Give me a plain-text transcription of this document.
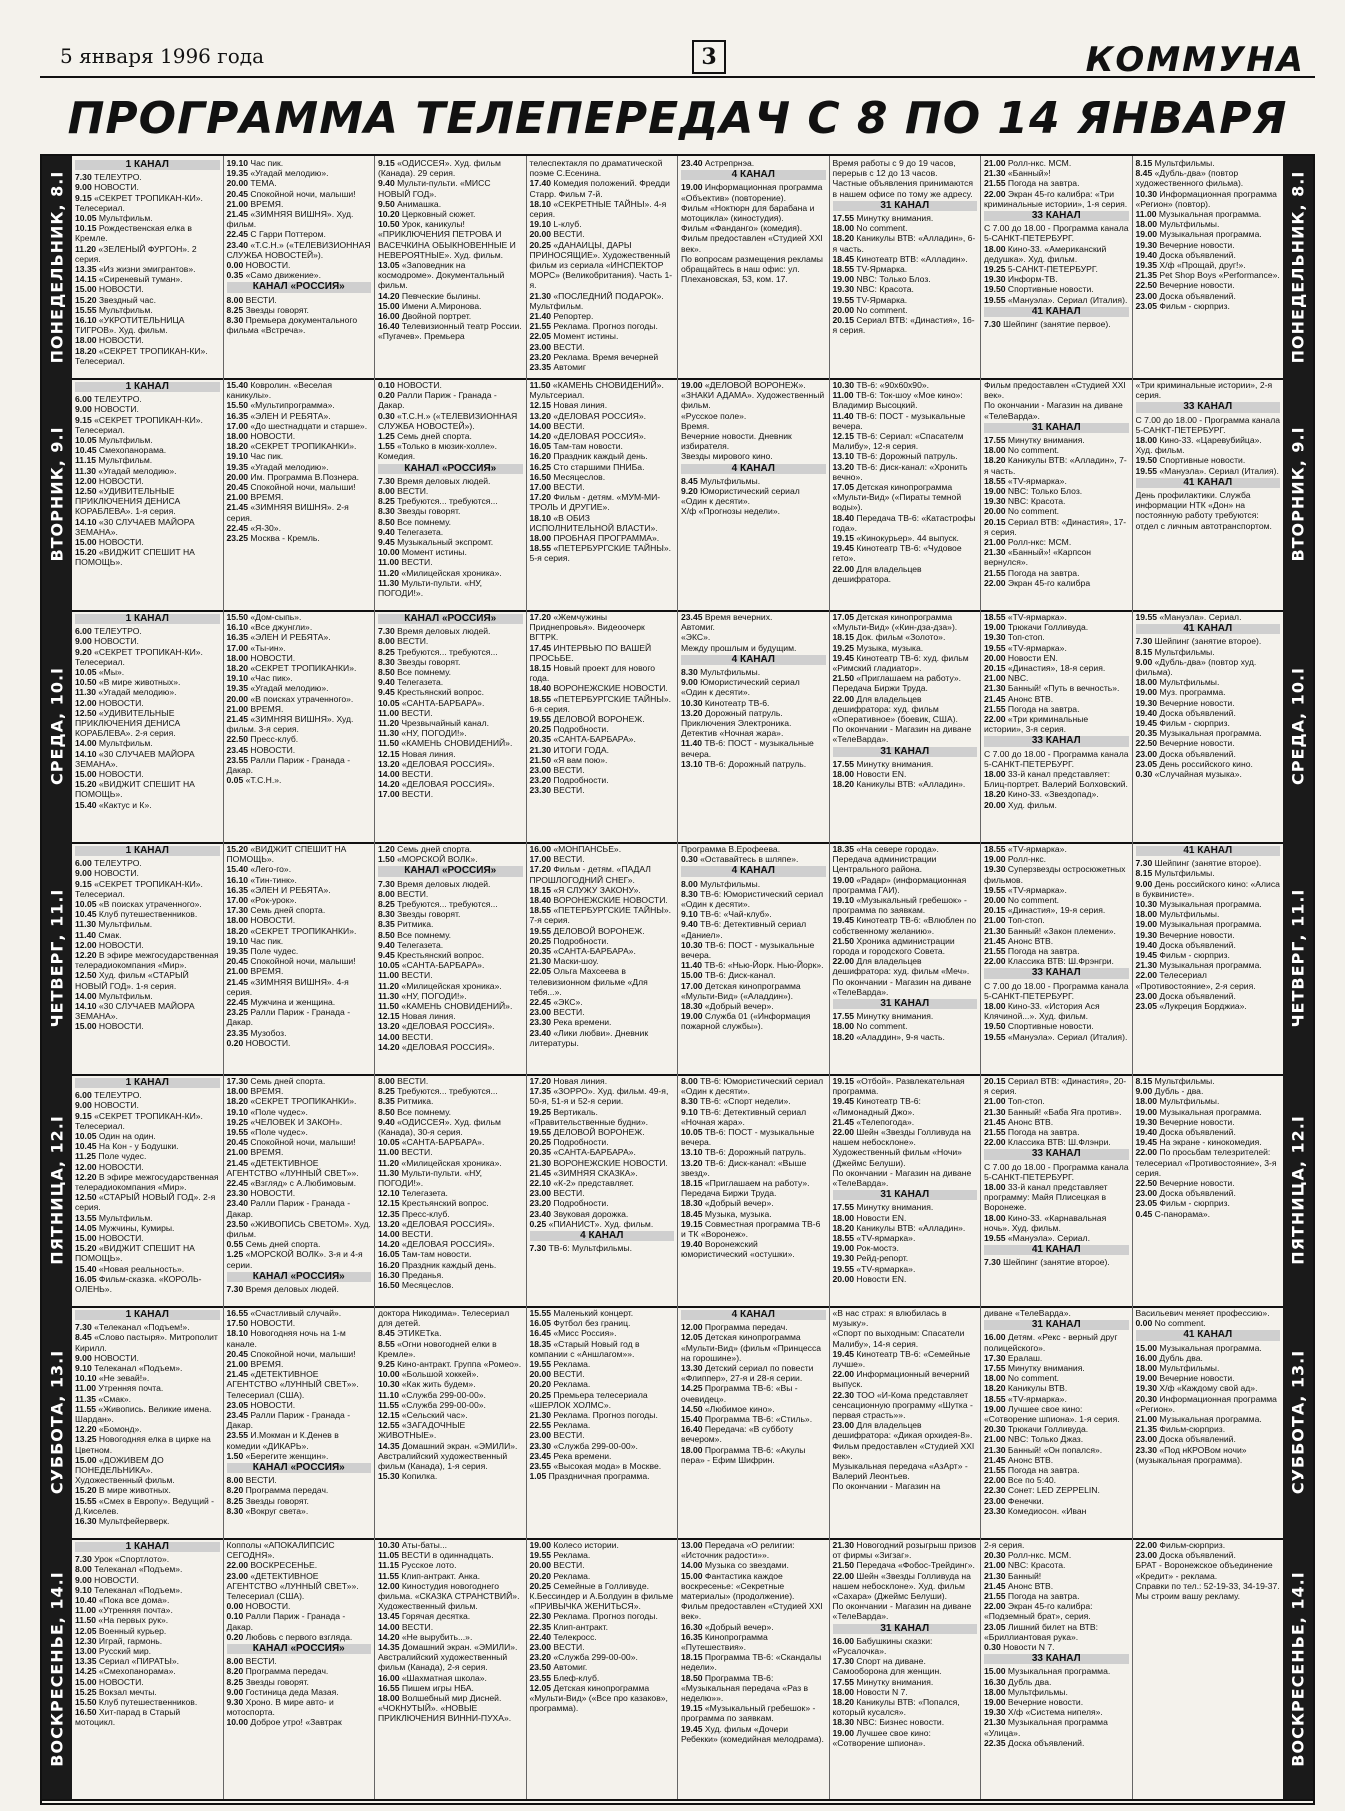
5 января 1996 года	3	КОММУНА
ПРОГРАММА ТЕЛЕПЕРЕДАЧ С 8 ПО 14 ЯНВАРЯ
ПОНЕДЕЛЬНИК, 8.I	ПОНЕДЕЛЬНИК, 8.I
1 КАНАЛ
7.30 ТЕЛЕУТРО.
9.00 НОВОСТИ.
9.15 «СЕКРЕТ ТРОПИКАН-КИ». Телесериал.
10.05 Мультфильм.
10.15 Рождественская елка в Кремле.
11.20 «ЗЕЛЕНЫЙ ФУРГОН». 2 серия.
13.35 «Из жизни эмигрантов».
14.15 «Сиреневый туман».
15.00 НОВОСТИ.
15.20 Звездный час.
15.55 Мультфильм.
16.10 «УКРОТИТЕЛЬНИЦА ТИГРОВ». Худ. фильм.
18.00 НОВОСТИ.
18.20 «СЕКРЕТ ТРОПИКАН-КИ». Телесериал.
19.10 Час пик.
19.35 «Угадай мелодию».
20.00 ТЕМА.
20.45 Спокойной ночи, малыши!
21.00 ВРЕМЯ.
21.45 «ЗИМНЯЯ ВИШНЯ». Худ. фильм.
22.45 С Гарри Поттером.
23.40 «Т.С.Н.» («ТЕЛЕВИЗИОННАЯ СЛУЖБА НОВОСТЕЙ»).
0.00 НОВОСТИ.
0.35 «Само движение».
КАНАЛ «РОССИЯ»
8.00 ВЕСТИ.
8.25 Звезды говорят.
8.30 Премьера документального фильма «Встреча».
9.15 «ОДИССЕЯ». Худ. фильм (Канада). 29 серия.
9.40 Мульти-пульти. «МИСС НОВЫЙ ГОД».
9.50 Анимашка.
10.20 Церковный сюжет.
10.50 Урок, каникулы! «ПРИКЛЮЧЕНИЯ ПЕТРОВА И ВАСЕЧКИНА ОБЫКНОВЕННЫЕ И НЕВЕРОЯТНЫЕ». Худ. фильм.
13.05 «Заповедник на космодроме». Документальный фильм.
14.20 Певческие былины.
15.00 Имени А.Миронова.
16.00 Двойной портрет.
16.40 Телевизионный театр России. «Пугачев». Премьера
телеспектакля по драматической поэме С.Есенина.
17.40 Комедия положений. Фредди Старр. Фильм 7-й.
18.10 «СЕКРЕТНЫЕ ТАЙНЫ». 4-я серия.
19.10 L-клуб.
20.00 ВЕСТИ.
20.25 «ДАНАИЦЫ, ДАРЫ ПРИНОСЯЩИЕ». Художественный фильм из сериала «ИНСПЕКТОР МОРС» (Великобритания). Часть 1-я.
21.30 «ПОСЛЕДНИЙ ПОДАРОК». Мультфильм.
21.40 Репортер.
21.55 Реклама. Прогноз погоды.
22.05 Момент истины.
23.00 ВЕСТИ.
23.20 Реклама. Время вечерней
23.35 Автомиг
23.40 Астрепрнэа.
4 КАНАЛ
19.00 Информационная программа «Объектив» (повторение).
Фильм «Ноктюрн для барабана и мотоцикла» (киностудия).
Фильм «Фанданго» (комедия).
Фильм предоставлен «Студией XXI век».
По вопросам размещения рекламы обращайтесь в наш офис: ул. Плехановская, 53, ком. 17.
Время работы с 9 до 19 часов, перерыв с 12 до 13 часов.
Частные объявления принимаются в нашем офисе по тому же адресу.
31 КАНАЛ
17.55 Минутку внимания.
18.00 No comment.
18.20 Каникулы ВТВ: «Алладин», 6-я часть.
18.45 Кинотеатр ВТВ: «Алладин».
18.55 TV-Ярмарка.
19.00 NBC: Только Блоз.
19.30 NBC: Красота.
19.55 TV-Ярмарка.
20.00 No comment.
20.15 Сериал ВТВ: «Династия», 16-я серия.
21.00 Ролл-нкс. МСМ.
21.30 «Банный»!
21.55 Погода на завтра.
22.00 Экран 45-го калибра: «Три криминальные истории», 1-я серия.
33 КАНАЛ
С 7.00 до 18.00 - Программа канала 5-САНКТ-ПЕТЕРБУРГ.
18.00 Кино-33. «Американский дедушка». Худ. фильм.
19.25 5-САНКТ-ПЕТЕРБУРГ.
19.30 Информ-ТВ.
19.50 Спортивные новости.
19.55 «Мануэла». Сериал (Италия).
41 КАНАЛ
7.30 Шейпинг (занятие первое).
8.15 Мультфильмы.
8.45 «Дубль-два» (повтор художественного фильма).
10.30 Информационная программа «Регион» (повтор).
11.00 Музыкальная программа.
18.00 Мультфильмы.
19.00 Музыкальная программа.
19.30 Вечерние новости.
19.40 Доска объявлений.
19.35 Х/ф «Прощай, друг!».
21.35 Pet Shop Boys «Performance».
22.50 Вечерние новости.
23.00 Доска объявлений.
23.05 Фильм - сюрприз.
ВТОРНИК, 9.I	ВТОРНИК, 9.I
1 КАНАЛ
6.00 ТЕЛЕУТРО.
9.00 НОВОСТИ.
9.15 «СЕКРЕТ ТРОПИКАН-КИ». Телесериал.
10.05 Мультфильм.
10.45 Смехопанорама.
11.15 Мультфильм.
11.30 «Угадай мелодию».
12.00 НОВОСТИ.
12.50 «УДИВИТЕЛЬНЫЕ ПРИКЛЮЧЕНИЯ ДЕНИСА КОРАБЛЕВА». 1-я серия.
14.10 «30 СЛУЧАЕВ МАЙОРА ЗЕМАНА».
15.00 НОВОСТИ.
15.20 «ВИДЖИТ СПЕШИТ НА ПОМОЩЬ».
15.40 Ковролин. «Веселая каникулы».
15.50 «Мультипрограмма».
16.35 «ЭЛЕН И РЕБЯТА».
17.00 «До шестнадцати и старше».
18.00 НОВОСТИ.
18.20 «СЕКРЕТ ТРОПИКАНКИ».
19.10 Час пик.
19.35 «Угадай мелодию».
20.00 Им. Программа В.Познера.
20.45 Спокойной ночи, малыши!
21.00 ВРЕМЯ.
21.45 «ЗИМНЯЯ ВИШНЯ». 2-я серия.
22.45 «Я-30».
23.25 Москва - Кремль.
0.10 НОВОСТИ.
0.20 Ралли Париж - Гранада - Дакар.
0.30 «Т.С.Н.» («ТЕЛЕВИЗИОННАЯ СЛУЖБА НОВОСТЕЙ»).
1.25 Семь дней спорта.
1.55 «Только в мюзик-холле». Комедия.
КАНАЛ «РОССИЯ»
7.30 Время деловых людей.
8.00 ВЕСТИ.
8.25 Требуются... требуются...
8.30 Звезды говорят.
8.50 Все помнему.
9.40 Телегазета.
9.45 Музыкальный экспромт.
10.00 Момент истины.
11.00 ВЕСТИ.
11.20 «Милицейская хроника».
11.30 Мульти-пульти. «НУ, ПОГОДИ!».
11.50 «КАМЕНЬ СНОВИДЕНИЙ». Мультсериал.
12.15 Новая линия.
13.20 «ДЕЛОВАЯ РОССИЯ».
14.00 ВЕСТИ.
14.20 «ДЕЛОВАЯ РОССИЯ».
16.05 Там-там новости.
16.20 Праздник каждый день.
16.25 Сто старшими ПНИБа.
16.50 Месяцеслов.
17.00 ВЕСТИ.
17.20 Фильм - детям. «МУМ-МИ-ТРОЛЬ И ДРУГИЕ».
18.10 «В ОБИЗ ИСПОЛНИТЕЛЬНОЙ ВЛАСТИ».
18.00 ПРОБНАЯ ПРОГРАММА».
18.55 «ПЕТЕРБУРГСКИЕ ТАЙНЫ». 5-я серия.
19.00 «ДЕЛОВОЙ ВОРОНЕЖ».
«ЗНАКИ АДАМА». Художественный фильм.
«Русское поле».
Время.
Вечерние новости. Дневник избирателя.
Звезды мирового кино.
4 КАНАЛ
8.45 Мультфильмы.
9.20 Юмористический сериал «Один к десяти».
Х/ф «Прогнозы недели».
10.30 ТВ-6: «90х60х90».
11.00 ТВ-6: Ток-шоу «Мое кино»: Владимир Высоцкий.
11.40 ТВ-6: ПОСТ - музыкальные вечера.
12.15 ТВ-6: Сериал: «Спасателм Малибу», 12-я серия.
13.10 ТВ-6: Дорожный патруль.
13.20 ТВ-6: Диск-канал: «Хронить вечно».
17.05 Детская кинопрограмма «Мульти-Вид» («Пираты темной воды»).
18.40 Передача ТВ-6: «Катастрофы года».
19.15 «Кинокурьер». 44 выпуск.
19.45 Кинотеатр ТВ-6: «Чудовое гето».
22.00 Для владельцев дешифратора.
Фильм предоставлен «Студией XXI век».
По окончании - Магазин на диване «ТелеВарда».
31 КАНАЛ
17.55 Минутку внимания.
18.00 No comment.
18.20 Каникулы ВТВ: «Алладин», 7-я часть.
18.55 «TV-ярмарка».
19.00 NBC: Только Блоз.
19.30 NBC: Красота.
20.00 No comment.
20.15 Сериал ВТВ: «Династия», 17-я серия.
21.00 Ролл-нкс: МСМ.
21.30 «Банный»! «Карпсон вернулся».
21.55 Погода на завтра.
22.00 Экран 45-го калибра
«Три криминальные истории», 2-я серия.
33 КАНАЛ
С 7.00 до 18.00 - Программа канала 5-САНКТ-ПЕТЕРБУРГ.
18.00 Кино-33. «Царевубийца». Худ. фильм.
19.50 Спортивные новости.
19.55 «Мануэла». Сериал (Италия).
41 КАНАЛ
День профилактики. Служба информации НТК «Дон» на постоянную работу требуются: отдел с личным автотранспортом.
СРЕДА, 10.I	СРЕДА, 10.I
1 КАНАЛ
6.00 ТЕЛЕУТРО.
9.00 НОВОСТИ.
9.20 «СЕКРЕТ ТРОПИКАН-КИ». Телесериал.
10.05 «Мы».
10.50 «В мире животных».
11.30 «Угадай мелодию».
12.00 НОВОСТИ.
12.50 «УДИВИТЕЛЬНЫЕ ПРИКЛЮЧЕНИЯ ДЕНИСА КОРАБЛЕВА». 2-я серия.
14.00 Мультфильм.
14.10 «30 СЛУЧАЕВ МАЙОРА ЗЕМАНА».
15.00 НОВОСТИ.
15.20 «ВИДЖИТ СПЕШИТ НА ПОМОЩЬ».
15.40 «Кактус и К».
15.50 «Дом-сыпь».
16.10 «Все джунгли».
16.35 «ЭЛЕН И РЕБЯТА».
17.00 «Ты-ин».
18.00 НОВОСТИ.
18.20 «СЕКРЕТ ТРОПИКАНКИ».
19.10 «Час пик».
19.35 «Угадай мелодию».
20.00 «В поисках утраченного».
21.00 ВРЕМЯ.
21.45 «ЗИМНЯЯ ВИШНЯ». Худ. фильм. 3-я серия.
22.50 Пресс-клуб.
23.45 НОВОСТИ.
23.55 Ралли Париж - Гранада - Дакар.
0.05 «Т.С.Н.».
КАНАЛ «РОССИЯ»
7.30 Время деловых людей.
8.00 ВЕСТИ.
8.25 Требуются... требуются...
8.30 Звезды говорят.
8.50 Все помнему.
9.40 Телегазета.
9.45 Крестьянский вопрос.
10.05 «САНТА-БАРБАРА».
11.00 ВЕСТИ.
11.20 Чрезвычайный канал.
11.30 «НУ, ПОГОДИ!».
11.50 «КАМЕНЬ СНОВИДЕНИЙ».
12.15 Новая линия.
13.20 «ДЕЛОВАЯ РОССИЯ».
14.00 ВЕСТИ.
14.20 «ДЕЛОВАЯ РОССИЯ».
17.00 ВЕСТИ.
17.20 «Жемчужины Приднепровья». Видеоочерк ВГТРК.
17.45 ИНТЕРВЬЮ ПО ВАШЕЙ ПРОСЬБЕ.
18.15 Новый проект для нового года.
18.40 ВОРОНЕЖСКИЕ НОВОСТИ.
18.55 «ПЕТЕРБУРГСКИЕ ТАЙНЫ». 6-я серия.
19.55 ДЕЛОВОЙ ВОРОНЕЖ.
20.25 Подробности.
20.35 «САНТА-БАРБАРА».
21.30 ИТОГИ ГОДА.
21.50 «Я вам пою».
23.00 ВЕСТИ.
23.20 Подробности.
23.30 ВЕСТИ.
23.45 Время вечерних.
Автомиг.
«ЭКС».
Между прошлым и будущим.
4 КАНАЛ
8.30 Мультфильмы.
9.00 Юмористический сериал «Один к десяти».
10.30 Кинотеатр ТВ-6.
13.20 Дорожный патруль.
Приключения Электроника.
Детектив «Ночная жара».
11.40 ТВ-6: ПОСТ - музыкальные вечера.
13.10 ТВ-6: Дорожный патруль.
17.05 Детская кинопрограмма «Мульти-Вид» («Кин-дза-дза»).
18.15 Док. фильм «Золото».
19.25 Музыка, музыка.
19.45 Кинотеатр ТВ-6: худ. фильм «Римский гладиатор».
21.50 «Приглашаем на работу». Передача Биржи Труда.
22.00 Для владельцев дешифратора: худ. фильм «Оперативное» (боевик, США).
По окончании - Магазин на диване «ТелеВарда».
31 КАНАЛ
17.55 Минутку внимания.
18.00 Новости EN.
18.20 Каникулы ВТВ: «Алладин».
18.55 «TV-ярмарка».
19.00 Трюкачи Голливуда.
19.30 Топ-стоп.
19.55 «TV-ярмарка».
20.00 Новости EN.
20.15 «Династия», 18-я серия.
21.00 NBC.
21.30 Банный! «Путь в вечность».
21.45 Анонс ВТВ.
21.55 Погода на завтра.
22.00 «Три криминальные истории», 3-я серия.
33 КАНАЛ
С 7.00 до 18.00 - Программа канала 5-САНКТ-ПЕТЕРБУРГ.
18.00 33-й канал представляет: Блиц-портрет. Валерий Болховский.
18.20 Кино-33. «Звездопад».
20.00 Худ. фильм.
19.55 «Мануэла». Сериал.
41 КАНАЛ
7.30 Шейпинг (занятие второе).
8.15 Мультфильмы.
9.00 «Дубль-два» (повтор худ. фильма).
18.00 Мультфильмы.
19.00 Муз. программа.
19.30 Вечерние новости.
19.40 Доска объявлений.
19.45 Фильм - сюрприз.
20.35 Музыкальная программа.
22.50 Вечерние новости.
23.00 Доска объявлений.
23.05 День российского кино.
0.30 «Случайная музыка».
ЧЕТВЕРГ, 11.I	ЧЕТВЕРГ, 11.I
1 КАНАЛ
6.00 ТЕЛЕУТРО.
9.00 НОВОСТИ.
9.15 «СЕКРЕТ ТРОПИКАН-КИ». Телесериал.
10.05 «В поисках утраченного».
10.45 Клуб путешественников.
11.30 Мультфильм.
11.40 Смак.
12.00 НОВОСТИ.
12.20 В эфире межгосударственная телерадиокомпания «Мир».
12.50 Худ. фильм «СТАРЫЙ НОВЫЙ ГОД». 1-я серия.
14.00 Мультфильм.
14.10 «30 СЛУЧАЕВ МАЙОРА ЗЕМАНА».
15.00 НОВОСТИ.
15.20 «ВИДЖИТ СПЕШИТ НА ПОМОЩЬ».
15.40 «Лего-го».
16.10 «Тин-тинк».
16.35 «ЭЛЕН И РЕБЯТА».
17.00 «Рок-урок».
17.30 Семь дней спорта.
18.00 НОВОСТИ.
18.20 «СЕКРЕТ ТРОПИКАНКИ».
19.10 Час пик.
19.35 Поле чудес.
20.45 Спокойной ночи, малыши!
21.00 ВРЕМЯ.
21.45 «ЗИМНЯЯ ВИШНЯ». 4-я серия.
22.45 Мужчина и женщина.
23.25 Ралли Париж - Гранада - Дакар.
23.35 Музобоз.
0.20 НОВОСТИ.
1.20 Семь дней спорта.
1.50 «МОРСКОЙ ВОЛК».
КАНАЛ «РОССИЯ»
7.30 Время деловых людей.
8.00 ВЕСТИ.
8.25 Требуются... требуются...
8.30 Звезды говорят.
8.35 Ритмика.
8.50 Все помнему.
9.40 Телегазета.
9.45 Крестьянский вопрос.
10.05 «САНТА-БАРБАРА».
11.00 ВЕСТИ.
11.20 «Милицейская хроника».
11.30 «НУ, ПОГОДИ!».
11.50 «КАМЕНЬ СНОВИДЕНИЙ».
12.15 Новая линия.
13.20 «ДЕЛОВАЯ РОССИЯ».
14.00 ВЕСТИ.
14.20 «ДЕЛОВАЯ РОССИЯ».
16.00 «МОНПАНСЬЕ».
17.00 ВЕСТИ.
17.20 Фильм - детям. «ПАДАЛ ПРОШЛОГОДНИЙ СНЕГ».
18.15 «Я СЛУЖУ ЗАКОНУ».
18.40 ВОРОНЕЖСКИЕ НОВОСТИ.
18.55 «ПЕТЕРБУРГСКИЕ ТАЙНЫ». 7-я серия.
19.55 ДЕЛОВОЙ ВОРОНЕЖ.
20.25 Подробности.
20.35 «САНТА-БАРБАРА».
21.30 Маски-шоу.
22.05 Ольга Махсеева в телевизионном фильме «Для тебя...».
22.45 «ЭКС».
23.00 ВЕСТИ.
23.30 Река времени.
23.40 «Лики любви». Дневник литературы.
Программа В.Ерофеева.
0.30 «Оставайтесь в шляпе».
4 КАНАЛ
8.00 Мультфильмы.
8.30 ТВ-6: Юмористический сериал «Один к десяти».
9.10 ТВ-6: «Чай-клуб».
9.40 ТВ-6: Детективный сериал «Даниел».
10.30 ТВ-6: ПОСТ - музыкальные вечера.
11.40 ТВ-6: «Нью-Йорк. Нью-Йорк».
15.00 ТВ-6: Диск-канал.
17.00 Детская кинопрограмма «Мульти-Вид» («Аладдин»).
18.30 «Добрый вечер».
19.00 Служба 01 («Информация пожарной службы»).
18.35 «На севере города».
Передача администрации Центрального района.
19.00 «Радар» (информационная программа ГАИ).
19.10 «Музыкальный гребешок» - программа по заявкам.
19.45 Кинотеатр ТВ-6: «Влюблен по собственному желанию».
21.50 Хроника администрации города и городского Совета.
22.00 Для владельцев дешифратора: худ. фильм «Меч».
По окончании - Магазин на диване «ТелеВарда».
31 КАНАЛ
17.55 Минутку внимания.
18.00 No comment.
18.20 «Аладдин», 9-я часть.
18.55 «TV-ярмарка».
19.00 Ролл-нкс.
19.30 Суперзвезды остросюжетных фильмов.
19.55 «TV-ярмарка».
20.00 No comment.
20.15 «Династия», 19-я серия.
21.00 Топ-стоп.
21.30 Банный! «Закон племени».
21.45 Анонс ВТВ.
21.55 Погода на завтра.
22.00 Классика ВТВ: Ш.Фрэнгри.
33 КАНАЛ
С 7.00 до 18.00 - Программа канала 5-САНКТ-ПЕТЕРБУРГ.
18.00 Кино-33. «История Ася Клячиной...». Худ. фильм.
19.50 Спортивные новости.
19.55 «Мануэла». Сериал (Италия).
41 КАНАЛ
7.30 Шейпинг (занятие второе).
8.15 Мультфильмы.
9.00 День российского кино: «Алиса в буквинисте».
10.30 Музыкальная программа.
18.00 Мультфильмы.
19.00 Музыкальная программа.
19.30 Вечерние новости.
19.40 Доска объявлений.
19.45 Фильм - сюрприз.
21.30 Музыкальная программа.
22.00 Телесериал «Противостояние», 2-я серия.
23.00 Доска объявлений.
23.05 «Лукреция Борджиа».
ПЯТНИЦА, 12.I	ПЯТНИЦА, 12.I
1 КАНАЛ
6.00 ТЕЛЕУТРО.
9.00 НОВОСТИ.
9.15 «СЕКРЕТ ТРОПИКАН-КИ». Телесериал.
10.05 Один на один.
10.45 На Кон - у Бодушки.
11.25 Поле чудес.
12.00 НОВОСТИ.
12.20 В эфире межгосударственная телерадиокомпания «Мир».
12.50 «СТАРЫЙ НОВЫЙ ГОД». 2-я серия.
13.55 Мультфильм.
14.05 Мужчины, Кумиры.
15.00 НОВОСТИ.
15.20 «ВИДЖИТ СПЕШИТ НА ПОМОЩЬ».
15.40 «Новая реальность».
16.05 Фильм-сказка. «КОРОЛЬ-ОЛЕНЬ».
17.30 Семь дней спорта.
18.00 ВРЕМЯ.
18.20 «СЕКРЕТ ТРОПИКАНКИ».
19.10 «Поле чудес».
19.25 «ЧЕЛОВЕК И ЗАКОН».
19.55 «Поле чудес».
20.45 Спокойной ночи, малыши!
21.00 ВРЕМЯ.
21.45 «ДЕТЕКТИВНОЕ АГЕНТСТВО «ЛУННЫЙ СВЕТ»».
22.45 «Взгляд» с А.Любимовым.
23.30 НОВОСТИ.
23.40 Ралли Париж - Гранада - Дакар.
23.50 «ЖИВОПИСЬ СВЕТОМ». Худ. фильм.
0.55 Семь дней спорта.
1.25 «МОРСКОЙ ВОЛК». 3-я и 4-я серии.
КАНАЛ «РОССИЯ»
7.30 Время деловых людей.
8.00 ВЕСТИ.
8.25 Требуются... требуются...
8.35 Ритмика.
8.50 Все помнему.
9.40 «ОДИССЕЯ». Худ. фильм (Канада), 30-я серия.
10.05 «САНТА-БАРБАРА».
11.00 ВЕСТИ.
11.20 «Милицейская хроника».
11.30 Мульти-пульти. «НУ, ПОГОДИ!».
12.10 Телегазета.
12.15 Крестьянский вопрос.
12.35 Пресс-клуб.
13.20 «ДЕЛОВАЯ РОССИЯ».
14.00 ВЕСТИ.
14.20 «ДЕЛОВАЯ РОССИЯ».
16.05 Там-там новости.
16.20 Праздник каждый день.
16.30 Преданья.
16.50 Месяцеслов.
17.20 Новая линия.
17.35 «ЗОРРО». Худ. фильм. 49-я, 50-я, 51-я и 52-я серии.
19.25 Вертикаль. «Правительственные будни».
19.55 ДЕЛОВОЙ ВОРОНЕЖ.
20.25 Подробности.
20.35 «САНТА-БАРБАРА».
21.30 ВОРОНЕЖСКИЕ НОВОСТИ.
21.45 «ЗИМНЯЯ СКАЗКА».
22.10 «К-2» представляет.
23.00 ВЕСТИ.
23.20 Подробности.
23.40 Звуковая дорожка.
0.25 «ПИАНИСТ». Худ. фильм.
4 КАНАЛ
7.30 ТВ-6: Мультфильмы.
8.00 ТВ-6: Юмористический сериал «Один к десяти».
8.30 ТВ-6: «Спорт недели».
9.10 ТВ-6: Детективный сериал «Ночная жара».
10.05 ТВ-6: ПОСТ - музыкальные вечера.
13.10 ТВ-6: Дорожный патруль.
13.20 ТВ-6: Диск-канал: «Выше звезд».
18.15 «Приглашаем на работу». Передача Биржи Труда.
18.30 «Добрый вечер».
18.45 Музыка, музыка.
19.15 Совместная программа ТВ-6 и ТК «Воронеж».
19.40 Воронежский юмористический «остушки».
19.15 «Отбой». Развлекательная программа.
19.45 Кинотеатр ТВ-6: «Лимонадный Джо».
21.45 «Телепогода».
22.00 Шейн «Звезды Голливуда на нашем небосклоне».
Художественный фильм «Ночи» (Джеймс Белуши).
По окончании - Магазин на диване «ТелеВарда».
31 КАНАЛ
17.55 Минутку внимания.
18.00 Новости EN.
18.20 Каникулы ВТВ: «Алладин».
18.55 «TV-ярмарка».
19.00 Рок-мостэ.
19.30 Рейд-репорт.
19.55 «TV-ярмарка».
20.00 Новости EN.
20.15 Сериал ВТВ: «Династия», 20-я серия.
21.00 Топ-стоп.
21.30 Банный! «Баба Яга против».
21.45 Анонс ВТВ.
21.55 Погода на завтра.
22.00 Классика ВТВ: Ш.Флэнри.
33 КАНАЛ
С 7.00 до 18.00 - Программа канала 5-САНКТ-ПЕТЕРБУРГ.
18.00 33-й канал представляет программу: Майя Плисецкая в Воронеже.
18.00 Кино-33. «Карнавальная ночь». Худ. фильм.
19.55 «Мануэла». Сериал.
41 КАНАЛ
7.30 Шейпинг (занятие второе).
8.15 Мультфильмы.
9.00 Дубль - два.
18.00 Мультфильмы.
19.00 Музыкальная программа.
19.30 Вечерние новости.
19.40 Доска объявлений.
19.45 На экране - кинокомедия.
22.00 По просьбам телезрителей: телесериал «Противостояние», 3-я серия.
22.50 Вечерние новости.
23.00 Доска объявлений.
23.05 Фильм - сюрприз.
0.45 С-панорама».
СУББОТА, 13.I	СУББОТА, 13.I
1 КАНАЛ
7.30 «Телеканал «Подъем!».
8.45 «Слово пастыря». Митрополит Кирилл.
9.00 НОВОСТИ.
9.10 Телеканал «Подъем».
10.10 «Не зевай!».
11.00 Утренняя почта.
11.35 «Смак».
11.55 «Живопись. Великие имена. Шардан».
12.20 «Бомонд».
13.25 Новогодняя елка в цирке на Цветном.
15.00 «ДОЖИВЕМ ДО ПОНЕДЕЛЬНИКА». Художественный фильм.
15.20 В мире животных.
15.55 «Смех в Европу». Ведущий - Д.Киселев.
16.30 Мультфейерверк.
16.55 «Счастливый случай».
17.50 НОВОСТИ.
18.10 Новогодняя ночь на 1-м канале.
20.45 Спокойной ночи, малыши!
21.00 ВРЕМЯ.
21.45 «ДЕТЕКТИВНОЕ АГЕНТСТВО «ЛУННЫЙ СВЕТ»». Телесериал (США).
23.05 НОВОСТИ.
23.45 Ралли Париж - Гранада - Дакар.
23.55 И.Мокман и К.Денев в комедии «ДИКАРЬ».
1.50 «Берегите женщин».
КАНАЛ «РОССИЯ»
8.00 ВЕСТИ.
8.20 Программа передач.
8.25 Звезды говорят.
8.30 «Вокруг света».
доктора Никодима». Телесериал для детей.
8.45 ЭТИКЕТка.
8.55 «Огни новогодней елки в Кремле».
9.25 Кино-антракт. Группа «Ромео».
10.00 «Большой хоккей».
10.30 «Как жить будем».
11.10 «Служба 299-00-00».
11.55 «Служба 299-00-00».
12.15 «Сельский час».
12.55 «ЗАГАДОЧНЫЕ ЖИВОТНЫЕ».
14.35 Домашний экран. «ЭМИЛИ». Австралийский художественный фильм (Канада), 1-я серия.
15.30 Копилка.
15.55 Маленький концерт.
16.05 Футбол без границ.
16.45 «Мисс Россия».
18.35 «Старый Новый год в компании с «Аншлагом»».
19.55 Реклама.
20.00 ВЕСТИ.
20.20 Реклама.
20.25 Премьера телесериала «ШЕРЛОК ХОЛМС».
21.30 Реклама. Прогноз погоды.
22.55 Реклама.
23.00 ВЕСТИ.
23.30 «Служба 299-00-00».
23.45 Река времени.
23.55 «Высокая мода» в Москве.
1.05 Праздничная программа.
4 КАНАЛ
12.00 Программа передач.
12.05 Детская кинопрограмма «Мульти-Вид» (фильм «Принцесса на горошине»).
13.30 Детский сериал по повести «Флиппер», 27-я и 28-я серии.
14.25 Программа ТВ-6: «Вы - очевидец».
14.50 «Любимое кино».
15.40 Программа ТВ-6: «Стиль».
16.40 Передача: «В субботу вечером».
18.00 Программа ТВ-6: «Акулы пера» - Ефим Шифрин.
«В нас страх: я влюбилась в музыку».
«Спорт по выходным: Спасатели Малибу», 14-я серия.
19.45 Кинотеатр ТВ-6: «Семейные лучше».
22.00 Информационный вечерний выпуск.
22.30 ТОО «И-Кома представляет сенсационную программу «Шутка - первая страсть»».
23.00 Для владельцев дешифратора: «Дикая орхидея-8».
Фильм предоставлен «Студией XXI век».
Музыкальная передача «АзАрт» - Валерий Леонтьев.
По окончании - Магазин на
диване «ТелеВарда».
31 КАНАЛ
16.00 Детям. «Рекс - верный друг полицейского».
17.30 Ералаш.
17.55 Минутку внимания.
18.00 No comment.
18.20 Каникулы ВТВ.
18.55 «TV-ярмарка».
19.00 Лучшее свое кино: «Сотворение шпиона». 1-я серия.
20.30 Трюкачи Голливуда.
21.00 NBC: Только Джаз.
21.30 Банный! «Он попался».
21.45 Анонс ВТВ.
21.55 Погода на завтра.
22.00 Все по 5:40.
22.30 Сонет: LED ZEPPELIN.
23.00 Фенечки.
23.30 Комедиосон. «Иван
Васильевич меняет профессию».
0.00 No comment.
41 КАНАЛ
15.00 Музыкальная программа.
16.00 Дубль два.
18.00 Мультфильмы.
19.00 Вечерние новости.
19.30 Х/ф «Каждому свой ад».
20.30 Информационная программа «Регион».
21.00 Музыкальная программа.
21.35 Фильм-сюрприз.
23.00 Доска объявлений.
23.30 «Под нКРОВом ночи» (музыкальная программа).
ВОСКРЕСЕНЬЕ, 14.I	ВОСКРЕСЕНЬЕ, 14.I
1 КАНАЛ
7.30 Урок «Спортлото».
8.00 Телеканал «Подъем».
9.00 НОВОСТИ.
9.10 Телеканал «Подъем».
10.40 «Пока все дома».
11.00 «Утренняя почта».
11.50 «На первых рук».
12.05 Военный курьер.
12.30 Играй, гармонь.
13.00 Русский мир.
13.35 Сериал «ПИРАТЫ».
14.25 «Смехопанорама».
15.00 НОВОСТИ.
15.25 Вокзал мечты.
15.50 Клуб путешественников.
16.50 Хит-парад в Старый мотоцикл.
Копполы «АПОКАЛИПСИС СЕГОДНЯ».
22.00 ВОСКРЕСЕНЬЕ.
23.00 «ДЕТЕКТИВНОЕ АГЕНТСТВО «ЛУННЫЙ СВЕТ»». Телесериал (США).
0.00 НОВОСТИ.
0.10 Ралли Париж - Гранада - Дакар.
0.20 Любовь с первого взгляда.
КАНАЛ «РОССИЯ»
8.00 ВЕСТИ.
8.20 Программа передач.
8.25 Звезды говорят.
9.00 Гостиница деда Мазая.
9.30 Хроно. В мире авто- и мотоспорта.
10.00 Доброе утро! «Завтрак
10.30 Аты-баты...
11.05 ВЕСТИ в одиннадцать.
11.15 Русское лото.
11.55 Клип-антракт. Анка.
12.00 Киностудия новогоднего фильма. «СКАЗКА СТРАНСТВИЙ». Художественный фильм.
13.45 Горячая десятка.
14.00 ВЕСТИ.
14.20 «Не вырубить...».
14.35 Домашний экран. «ЭМИЛИ». Австралийский художественный фильм (Канада), 2-я серия.
16.00 «Шахматная школа».
16.55 Пишем игры НБА.
18.00 Волшебный мир Дисней. «ЧОКНУТЫЙ». «НОВЫЕ ПРИКЛЮЧЕНИЯ ВИННИ-ПУХА».
19.00 Колесо истории.
19.55 Реклама.
20.00 ВЕСТИ.
20.20 Реклама.
20.25 Семейные в Голливуде. К.Бессиндер и А.Болдуин в фильме «ПРИВЫЧКА ЖЕНИТЬСЯ».
22.30 Реклама. Прогноз погоды.
22.35 Клип-антракт.
22.40 Телекросс.
23.00 ВЕСТИ.
23.20 «Служба 299-00-00».
23.50 Автомиг.
23.55 Блеф-клуб.
12.05 Детская кинопрограмма «Мульти-Вид» («Все про казаков», программа).
13.00 Передача «О религии: «Источник радости»».
14.00 Музыка со звездами.
15.00 Фантастика каждое воскресенье: «Секретные материалы» (продолжение).
Фильм предоставлен «Студией XXI век».
16.30 «Добрый вечер».
16.35 Кинопрограмма «Путешествия».
18.15 Программа ТВ-6: «Скандалы недели».
18.50 Программа ТВ-6: «Музыкальная передача «Раз в неделю»».
19.15 «Музыкальный гребешок» - программа по заявкам.
19.45 Худ. фильм «Дочери Ребекки» (комедийная мелодрама).
21.30 Новогодний розыгрыш призов от фирмы «Зигзаг».
21.50 Передача «Фобос-Трейдинг».
22.00 Шейн «Звезды Голливуда на нашем небосклоне». Худ. фильм «Сахара» (Джеймс Белуши).
По окончании - Магазин на диване «ТелеВарда».
31 КАНАЛ
16.00 Бабушкины сказки: «Русалочка».
17.30 Спорт на диване. Самооборона для женщин.
17.55 Минутку внимания.
18.00 Новости N 7.
18.20 Каникулы ВТВ: «Попался, который кусался».
18.30 NBC: Бизнес новости.
19.00 Лучшее свое кино: «Сотворение шпиона».
2-я серия.
20.30 Ролл-нкс. МСМ.
21.00 NBC: Красота.
21.30 Банный!
21.45 Анонс ВТВ.
21.55 Погода на завтра.
22.00 Экран 45-го калибра: «Подземный брат», серия.
23.05 Лишний билет на ВТВ: «Бриллиантовая рука».
0.30 Новости N 7.
33 КАНАЛ
15.00 Музыкальная программа.
16.30 Дубль два.
18.00 Мультфильмы.
19.00 Вечерние новости.
19.30 Х/ф «Система нипеля».
21.30 Музыкальная программа «Улица».
22.35 Доска объявлений.
22.00 Фильм-сюрприз.
23.00 Доска объявлений.
БРАТ - Воронежское объединение «Кредит» - реклама.
Справки по тел.: 52-19-33, 34-19-37.
Мы строим вашу рекламу.
